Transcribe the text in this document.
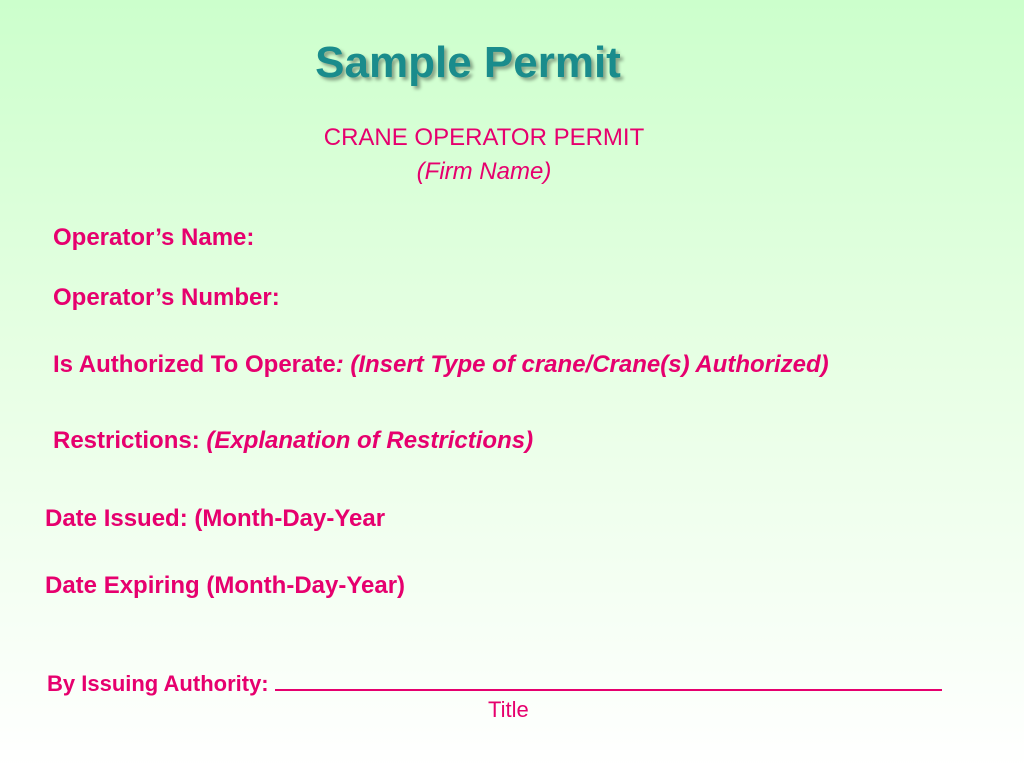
Sample Permit
CRANE OPERATOR PERMIT
(Firm Name)
Operator’s Name:
Operator’s Number:
Is Authorized To Operate: (Insert Type of crane/Crane(s) Authorized)
Restrictions: (Explanation of Restrictions)
Date Issued: (Month-Day-Year
Date Expiring (Month-Day-Year)
By Issuing Authority:
Title
